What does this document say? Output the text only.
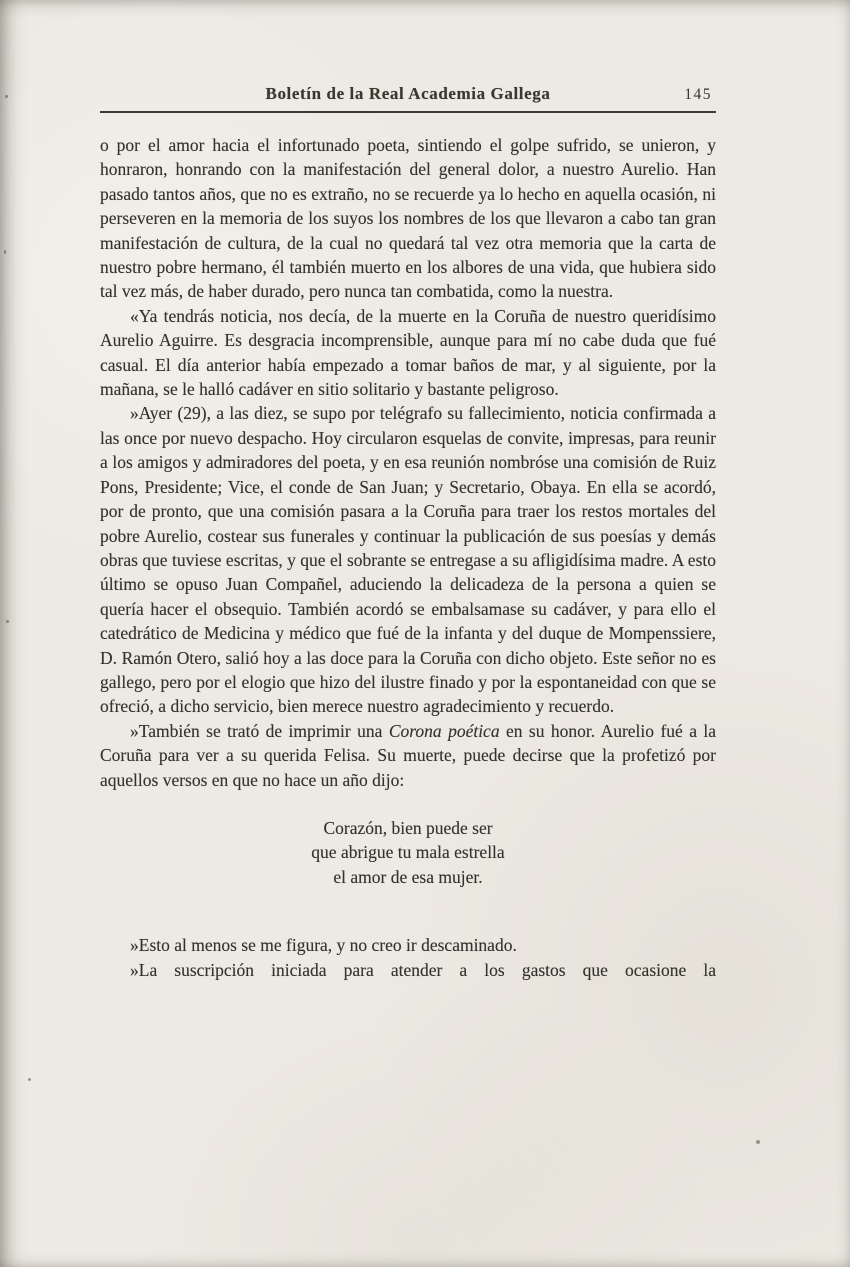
Boletín de la Real Academia Gallega	145

o por el amor hacia el infortunado poeta, sintiendo el golpe sufrido, se unieron, y honraron, honrando con la manifestación del general dolor, a nuestro Aurelio. Han pasado tantos años, que no es extraño, no se recuerde ya lo hecho en aquella ocasión, ni perseveren en la memoria de los suyos los nombres de los que llevaron a cabo tan gran manifestación de cultura, de la cual no quedará tal vez otra memoria que la carta de nuestro pobre hermano, él también muerto en los albores de una vida, que hubiera sido tal vez más, de haber durado, pero nunca tan combatida, como la nuestra.

«Ya tendrás noticia, nos decía, de la muerte en la Coruña de nuestro queridísimo Aurelio Aguirre. Es desgracia incomprensible, aunque para mí no cabe duda que fué casual. El día anterior había empezado a tomar baños de mar, y al siguiente, por la mañana, se le halló cadáver en sitio solitario y bastante peligroso.

»Ayer (29), a las diez, se supo por telégrafo su fallecimiento, noticia confirmada a las once por nuevo despacho. Hoy circularon esquelas de convite, impresas, para reunir a los amigos y admiradores del poeta, y en esa reunión nombróse una comisión de Ruiz Pons, Presidente; Vice, el conde de San Juan; y Secretario, Obaya. En ella se acordó, por de pronto, que una comisión pasara a la Coruña para traer los restos mortales del pobre Aurelio, costear sus funerales y continuar la publicación de sus poesías y demás obras que tuviese escritas, y que el sobrante se entregase a su afligidísima madre. A esto último se opuso Juan Compañel, aduciendo la delicadeza de la persona a quien se quería hacer el obsequio. También acordó se embalsamase su cadáver, y para ello el catedrático de Medicina y médico que fué de la infanta y del duque de Mompenssiere, D. Ramón Otero, salió hoy a las doce para la Coruña con dicho objeto. Este señor no es gallego, pero por el elogio que hizo del ilustre finado y por la espontaneidad con que se ofreció, a dicho servicio, bien merece nuestro agradecimiento y recuerdo.

»También se trató de imprimir una Corona poética en su honor. Aurelio fué a la Coruña para ver a su querida Felisa. Su muerte, puede decirse que la profetizó por aquellos versos en que no hace un año dijo:

Corazón, bien puede ser
que abrigue tu mala estrella
el amor de esa mujer.

»Esto al menos se me figura, y no creo ir descaminado.

»La suscripción iniciada para atender a los gastos que ocasione la
